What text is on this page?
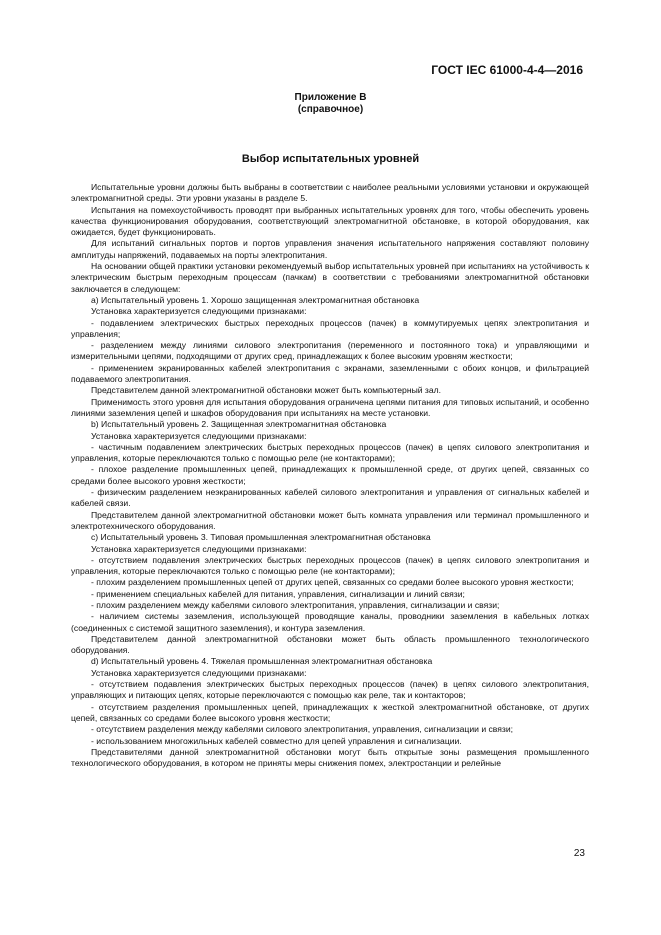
ГОСТ IEC 61000-4-4—2016
Приложение В
(справочное)
Выбор испытательных уровней

Испытательные уровни должны быть выбраны в соответствии с наиболее реальными условиями установки и окружающей электромагнитной среды. Эти уровни указаны в разделе 5.

Испытания на помехоустойчивость проводят при выбранных испытательных уровнях для того, чтобы обеспечить уровень качества функционирования оборудования, соответствующий электромагнитной обстановке, в которой оборудования, как ожидается, будет функционировать.

Для испытаний сигнальных портов и портов управления значения испытательного напряжения составляют половину амплитуды напряжений, подаваемых на порты электропитания.

На основании общей практики установки рекомендуемый выбор испытательных уровней при испытаниях на устойчивость к электрическим быстрым переходным процессам (пачкам) в соответствии с требованиями электромагнитной обстановки заключается в следующем:

а) Испытательный уровень 1. Хорошо защищенная электромагнитная обстановка

Установка характеризуется следующими признаками:

- подавлением электрических быстрых переходных процессов (пачек) в коммутируемых цепях электропитания и управления;

- разделением между линиями силового электропитания (переменного и постоянного тока) и управляющими и измерительными цепями, подходящими от других сред, принадлежащих к более высоким уровням жесткости;

- применением экранированных кабелей электропитания с экранами, заземленными с обоих концов, и фильтрацией подаваемого электропитания.

Представителем данной электромагнитной обстановки может быть компьютерный зал.

Применимость этого уровня для испытания оборудования ограничена цепями питания для типовых испытаний, и особенно линиями заземления цепей и шкафов оборудования при испытаниях на месте установки.

b) Испытательный уровень 2. Защищенная электромагнитная обстановка

Установка характеризуется следующими признаками:

- частичным подавлением электрических быстрых переходных процессов (пачек) в цепях силового электропитания и управления, которые переключаются только с помощью реле (не контакторами);

- плохое разделение промышленных цепей, принадлежащих к промышленной среде, от других цепей, связанных со средами более высокого уровня жесткости;

- физическим разделением неэкранированных кабелей силового электропитания и управления от сигнальных кабелей и кабелей связи.

Представителем данной электромагнитной обстановки может быть комната управления или терминал промышленного и электротехнического оборудования.

c) Испытательный уровень 3. Типовая промышленная электромагнитная обстановка

Установка характеризуется следующими признаками:

- отсутствием подавления электрических быстрых переходных процессов (пачек) в цепях силового электропитания и управления, которые переключаются только с помощью реле (не контакторами);

- плохим разделением промышленных цепей от других цепей, связанных со средами более высокого уровня жесткости;

- применением специальных кабелей для питания, управления, сигнализации и линий связи;

- плохим разделением между кабелями силового электропитания, управления, сигнализации и связи;

- наличием системы заземления, использующей проводящие каналы, проводники заземления в кабельных лотках (соединенных с системой защитного заземления), и контура заземления.

Представителем данной электромагнитной обстановки может быть область промышленного технологического оборудования.

d) Испытательный уровень 4. Тяжелая промышленная электромагнитная обстановка

Установка характеризуется следующими признаками:

- отсутствием подавления электрических быстрых переходных процессов (пачек) в цепях силового электропитания, управляющих и питающих цепях, которые переключаются с помощью как реле, так и контакторов;

- отсутствием разделения промышленных цепей, принадлежащих к жесткой электромагнитной обстановке, от других цепей, связанных со средами более высокого уровня жесткости;

- отсутствием разделения между кабелями силового электропитания, управления, сигнализации и связи;

- использованием многожильных кабелей совместно для цепей управления и сигнализации.

Представителями данной электромагнитной обстановки могут быть открытые зоны размещения промышленного технологического оборудования, в котором не приняты меры снижения помех, электростанции и релейные

23
